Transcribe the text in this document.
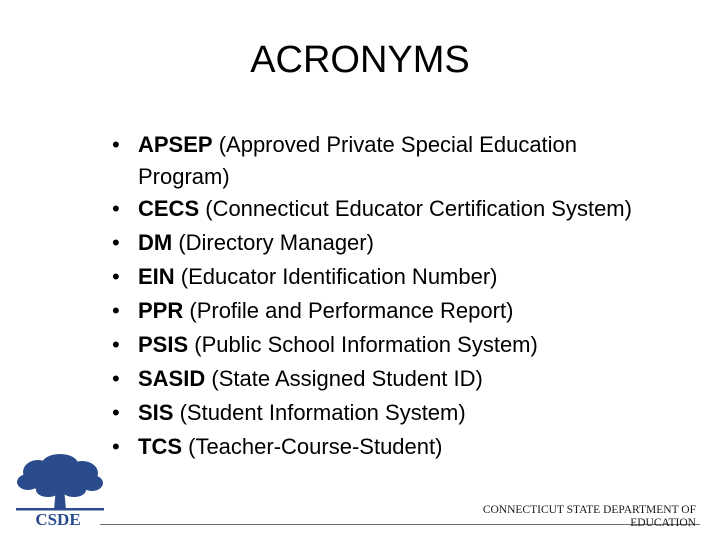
ACRONYMS
• APSEP (Approved Private Special Education
Program)
• CECS (Connecticut Educator Certification System)
• DM (Directory Manager)
• EIN (Educator Identification Number)
• PPR (Profile and Performance Report)
• PSIS (Public School Information System)
• SASID (State Assigned Student ID)
• SIS (Student Information System)
• TCS (Teacher-Course-Student)
CSDE	CONNECTICUT STATE DEPARTMENT OF
EDUCATION
